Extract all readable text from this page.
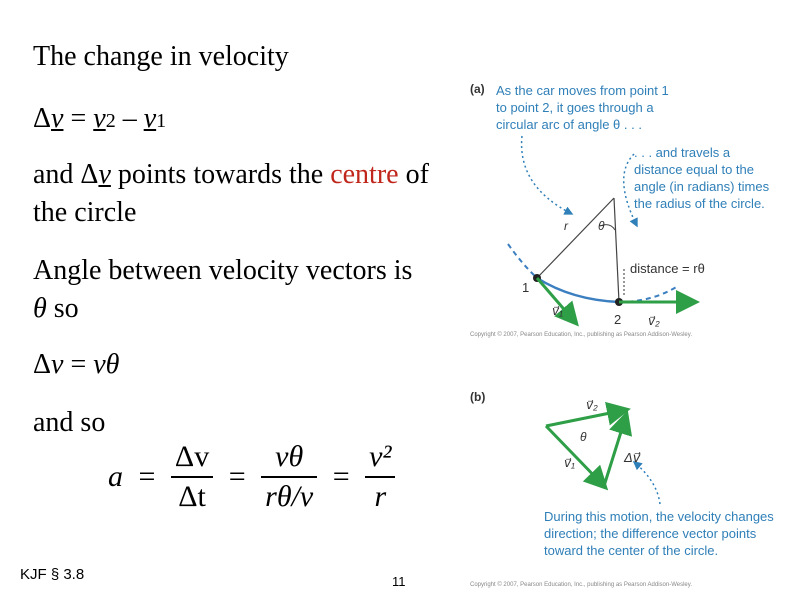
The change in velocity
Δv = v2 – v1
and Δv points towards the centre of
the circle
Angle between velocity vectors is
θ so
Δv = vθ
and so
$a = \frac{\Delta v}{\Delta t} = \frac{v\theta}{r\theta/v} = \frac{\text{v²}}{r}$
KJF § 3.8	11
(a) As the car moves from point 1 to point 2, it goes through a circular arc of angle θ . . .
. . . and travels a distance equal to the angle (in radians) times the radius of the circle.
r	θ
distance = rθ
1
2
v⃗₁
v⃗₂
Copyright © 2007, Pearson Education, Inc., publishing as Pearson Addison-Wesley.
(b)
v⃗₂
θ
v⃗₁	Δv⃗
During this motion, the velocity changes direction; the difference vector points toward the center of the circle.
Copyright © 2007, Pearson Education, Inc., publishing as Pearson Addison-Wesley.
